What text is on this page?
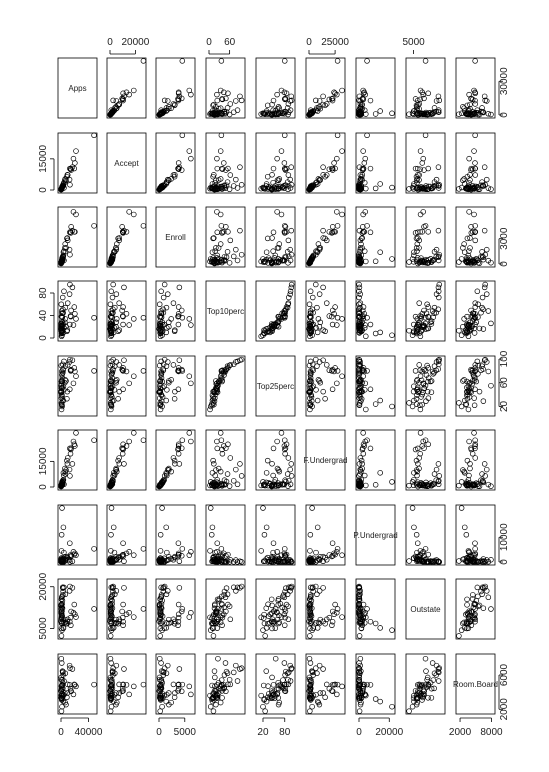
Apps
Accept
Enroll
Top10perc
Top25perc
F.Undergrad
P.Undergrad
Outstate
Room.Board
0 20000	0 60	0 25000	5000
0 40000	0 5000	20 80	0 20000	2000 8000
0
15000
0
40
80
0
15000
5000
20000
0
30000
0
3000
20
60
100
0
10000
2000
6000
